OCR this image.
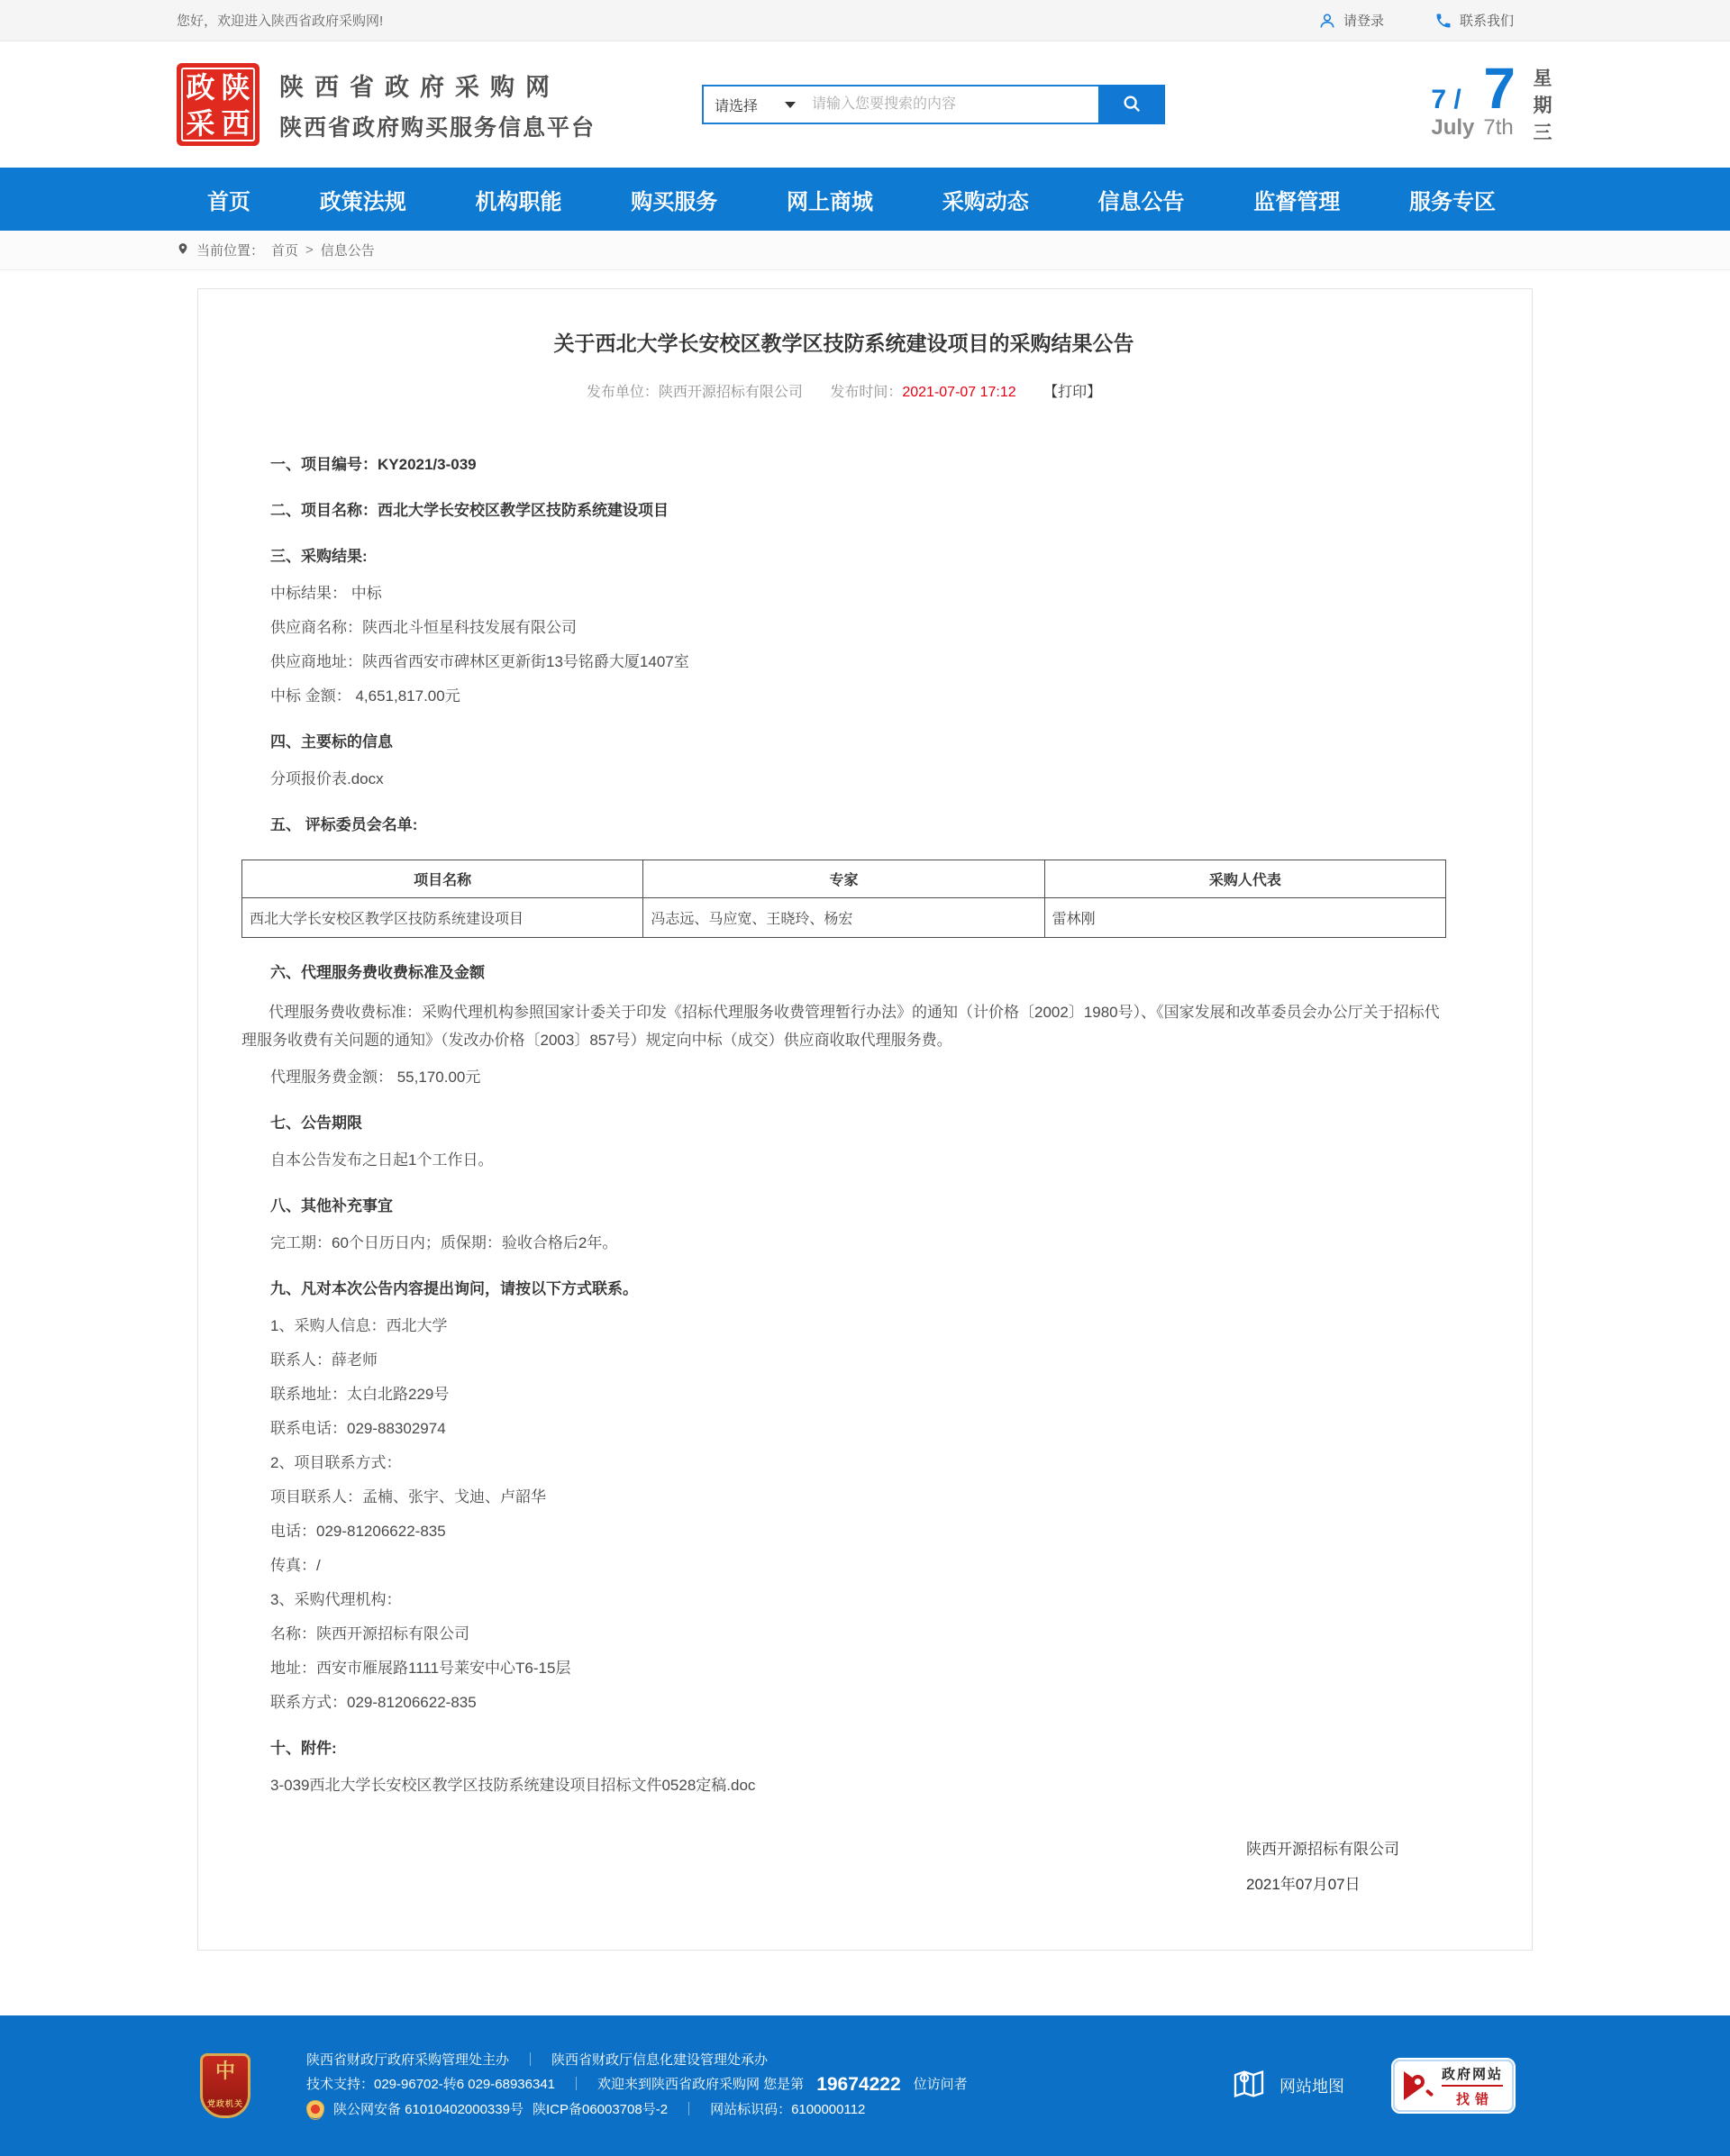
您好，欢迎进入陕西省政府采购网!	请登录	联系我们
政 陕
采 西
陕西省政府采购网
陕西省政府购买服务信息平台
请选择
请输入您要搜索的内容	7 / 7
July 7th
星期三
首页	政策法规	机构职能	购买服务	网上商城	采购动态	信息公告	监督管理	服务专区
当前位置： 首页 > 信息公告
关于西北大学长安校区教学区技防系统建设项目的采购结果公告
发布单位：陕西开源招标有限公司 发布时间：2021-07-07 17:12 【打印】
一、项目编号：KY2021/3-039
二、项目名称：西北大学长安校区教学区技防系统建设项目
三、采购结果:
中标结果： 中标
供应商名称：陕西北斗恒星科技发展有限公司
供应商地址：陕西省西安市碑林区更新街13号铭爵大厦1407室
中标 金额： 4,651,817.00元
四、主要标的信息
分项报价表.docx
五、 评标委员会名单:
项目名称	专家	采购人代表
西北大学长安校区教学区技防系统建设项目	冯志远、马应宽、王晓玲、杨宏	雷林刚
六、代理服务费收费标准及金额
代理服务费收费标准：采购代理机构参照国家计委关于印发《招标代理服务收费管理暂行办法》的通知（计价格〔2002〕1980号）、《国家发展和改革委员会办公厅关于招标代理服务收费有关问题的通知》（发改办价格〔2003〕857号）规定向中标（成交）供应商收取代理服务费。
代理服务费金额： 55,170.00元
七、公告期限
自本公告发布之日起1个工作日。
八、其他补充事宜
完工期：60个日历日内；质保期：验收合格后2年。
九、凡对本次公告内容提出询问，请按以下方式联系。
1、采购人信息：西北大学
联系人：薛老师
联系地址：太白北路229号
联系电话：029-88302974
2、项目联系方式：
项目联系人：孟楠、张宇、戈迪、卢韶华
电话：029-81206622-835
传真：/
3、采购代理机构：
名称：陕西开源招标有限公司
地址：西安市雁展路1111号莱安中心T6-15层
联系方式：029-81206622-835
十、附件:
3-039西北大学长安校区教学区技防系统建设项目招标文件0528定稿.doc
陕西开源招标有限公司
2021年07月07日
中
党政机关
陕西省财政厅政府采购管理处主办	｜	陕西省财政厅信息化建设管理处承办
技术支持：029-96702-转6 029-68936341	｜	欢迎来到陕西省政府采购网 您是第 19674222 位访问者
陕公网安备 61010402000339号 陕ICP备06003708号-2	｜	网站标识码：6100000112
网站地图
政府网站
找错
